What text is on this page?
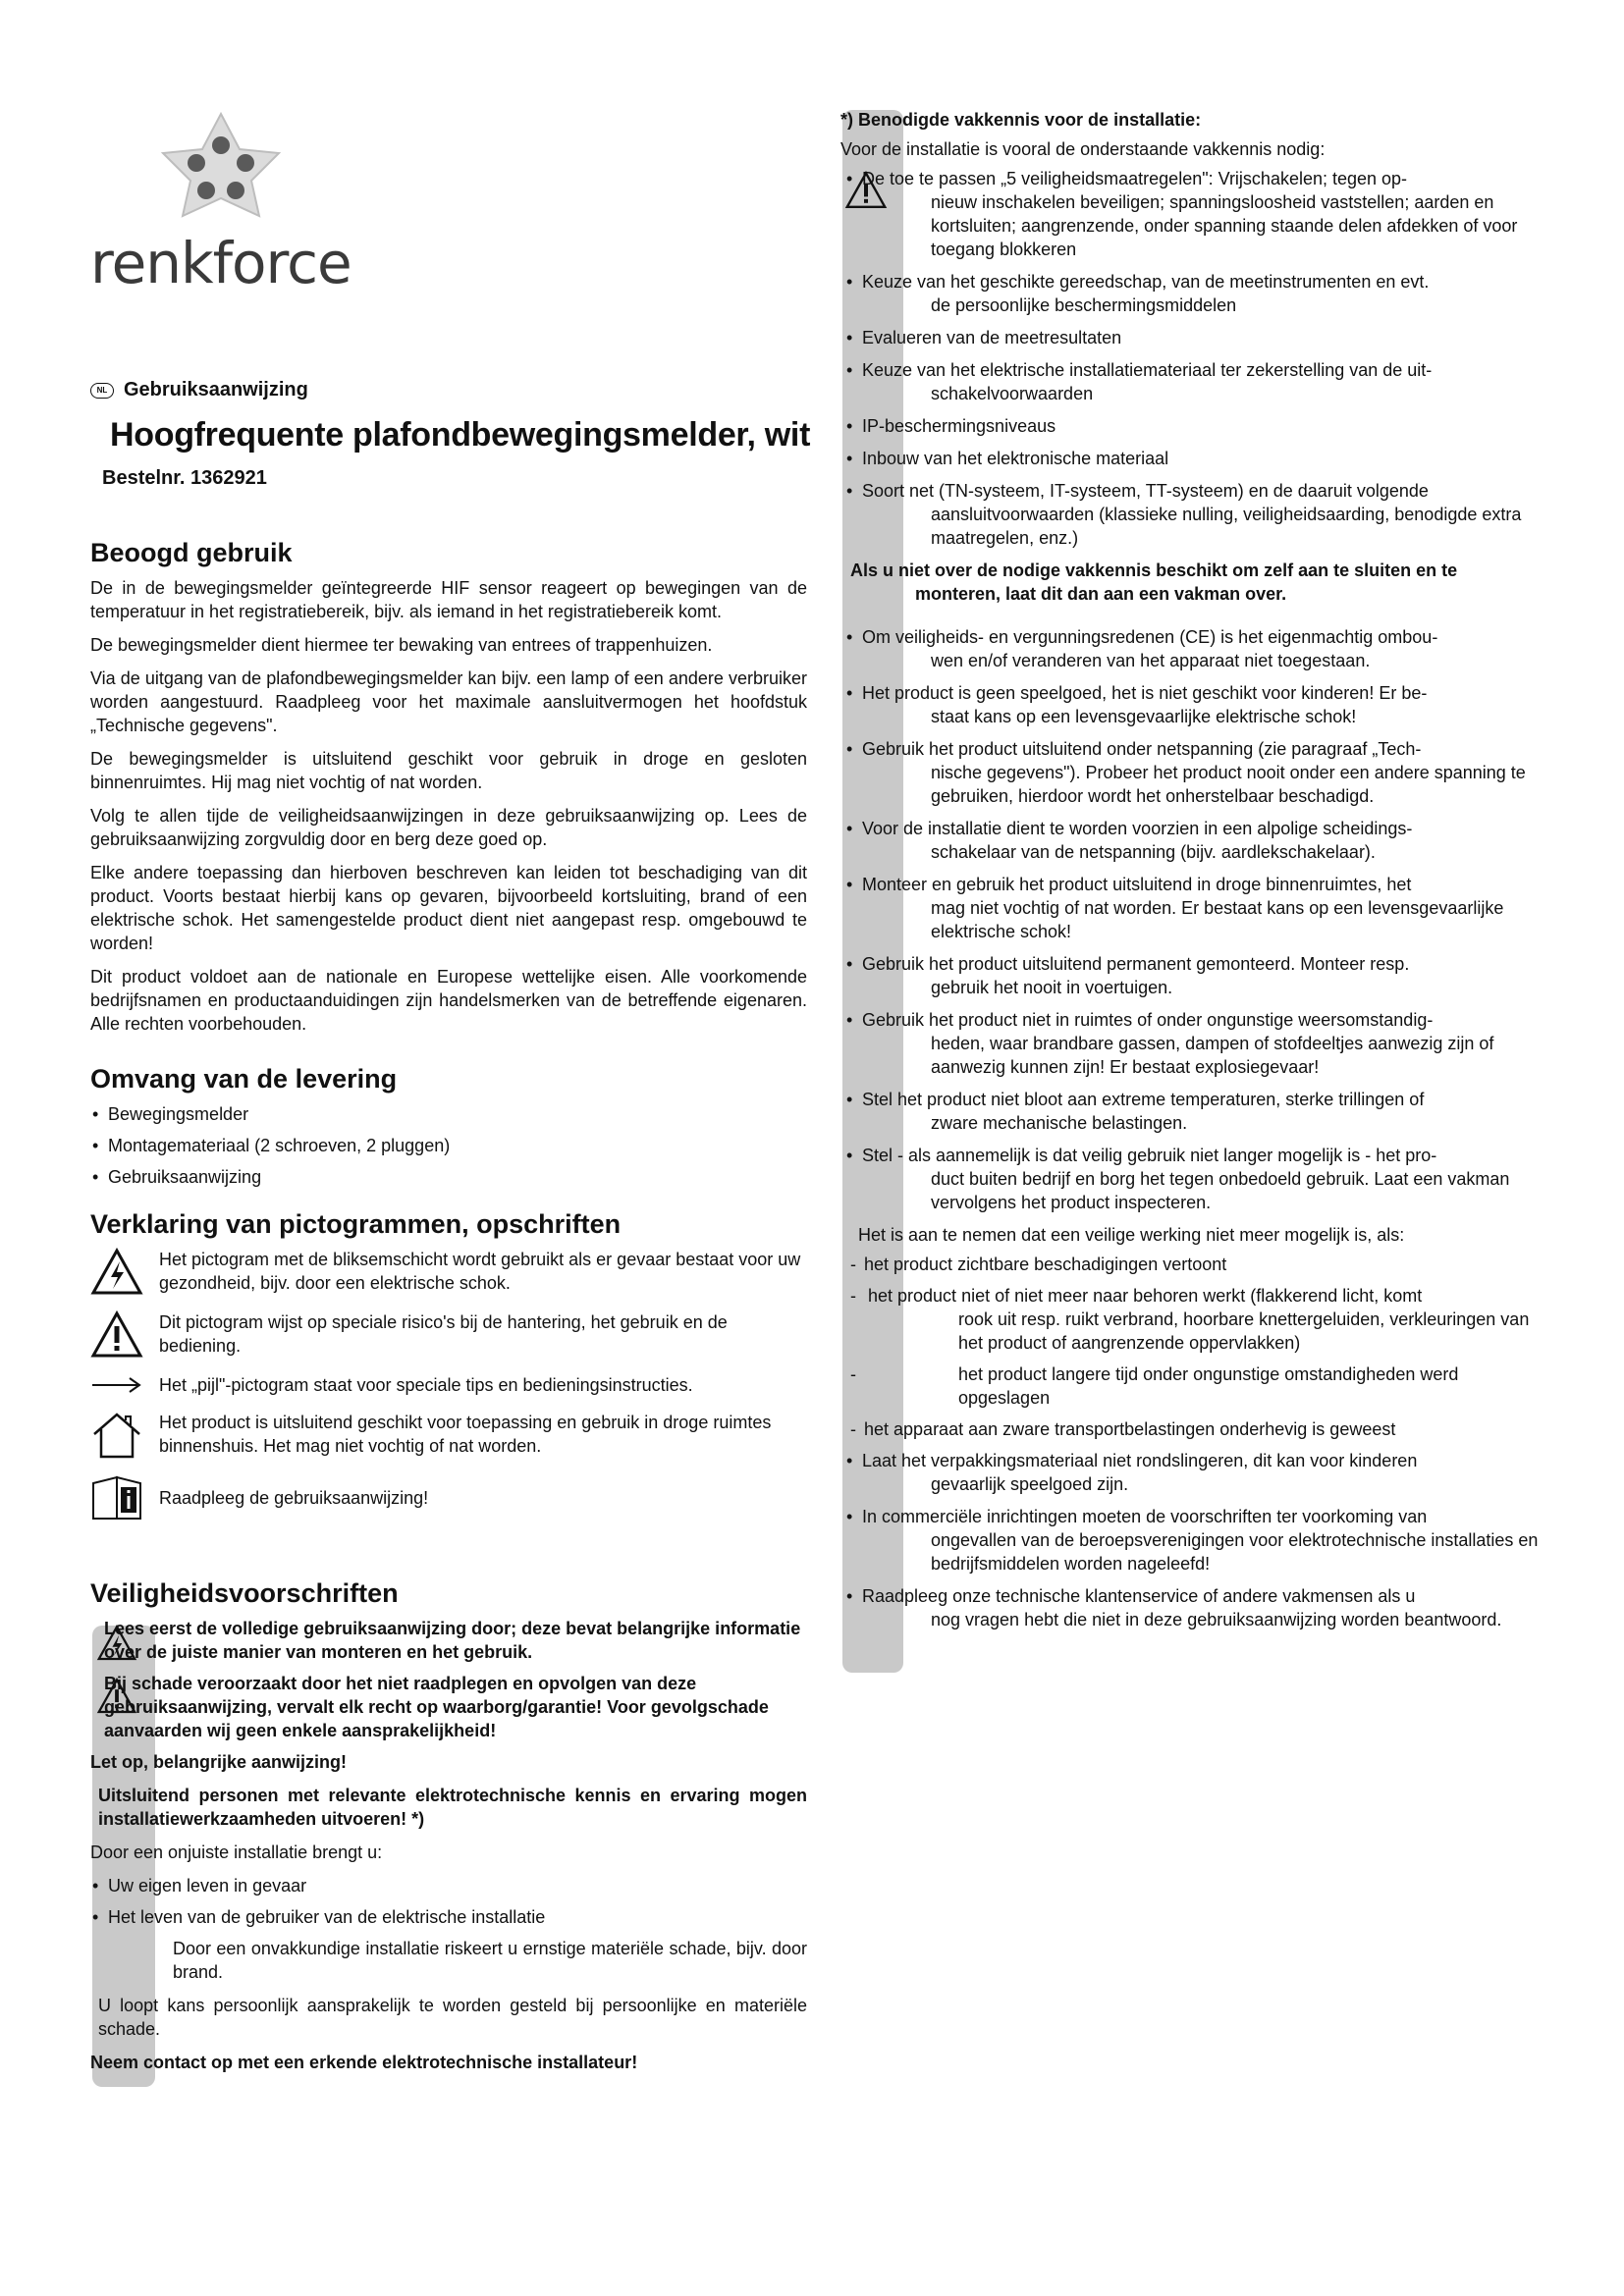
renkforce
NL Gebruiksaanwijzing
Hoogfrequente plafondbewegingsmelder, wit
Bestelnr. 1362921
Beoogd gebruik

De in de bewegingsmelder geïntegreerde HIF sensor reageert op bewegingen van de temperatuur in het registratiebereik, bijv. als iemand in het registratiebereik komt.

De bewegingsmelder dient hiermee ter bewaking van entrees of trappenhuizen.

Via de uitgang van de plafondbewegingsmelder kan bijv. een lamp of een andere verbruiker worden aangestuurd. Raadpleeg voor het maximale aansluitvermogen het hoofdstuk „Technische gegevens".

De bewegingsmelder is uitsluitend geschikt voor gebruik in droge en gesloten binnenruimtes. Hij mag niet vochtig of nat worden.

Volg te allen tijde de veiligheidsaanwijzingen in deze gebruiksaanwijzing op. Lees de gebruiksaanwijzing zorgvuldig door en berg deze goed op.

Elke andere toepassing dan hierboven beschreven kan leiden tot beschadiging van dit product. Voorts bestaat hierbij kans op gevaren, bijvoorbeeld kortsluiting, brand of een elektrische schok. Het samengestelde product dient niet aangepast resp. omgebouwd te worden!

Dit product voldoet aan de nationale en Europese wettelijke eisen. Alle voorkomende bedrijfsnamen en productaanduidingen zijn handelsmerken van de betreffende eigenaren. Alle rechten voorbehouden.

Omvang van de levering
• Bewegingsmelder
• Montagemateriaal (2 schroeven, 2 pluggen)
• Gebruiksaanwijzing
Verklaring van pictogrammen, opschriften
Het pictogram met de bliksemschicht wordt gebruikt als er gevaar bestaat voor uw gezondheid, bijv. door een elektrische schok.
Dit pictogram wijst op speciale risico's bij de hantering, het gebruik en de bediening.
Het „pijl"-pictogram staat voor speciale tips en bedieningsinstructies.
Het product is uitsluitend geschikt voor toepassing en gebruik in droge ruimtes binnenshuis. Het mag niet vochtig of nat worden.
Raadpleeg de gebruiksaanwijzing!
Veiligheidsvoorschriften
Lees eerst de volledige gebruiksaanwijzing door; deze bevat belangrijke informatie over de juiste manier van monteren en het gebruik.
Bij schade veroorzaakt door het niet raadplegen en opvolgen van deze gebruiksaanwijzing, vervalt elk recht op waarborg/garantie! Voor gevolgschade aanvaarden wij geen enkele aansprakelijkheid!

Let op, belangrijke aanwijzing!

Uitsluitend personen met relevante elektrotechnische kennis en ervaring mogen installatiewerkzaamheden uitvoeren! *)

Door een onjuiste installatie brengt u:

• Uw eigen leven in gevaar
• Het leven van de gebruiker van de elektrische installatie

Door een onvakkundige installatie riskeert u ernstige materiële schade, bijv. door brand.

U loopt kans persoonlijk aansprakelijk te worden gesteld bij persoonlijke en materiële schade.

Neem contact op met een erkende elektrotechnische installateur!

*) Benodigde vakkennis voor de installatie:
Voor de installatie is vooral de onderstaande vakkennis nodig:
• De toe te passen „5 veiligheidsmaatregelen": Vrijschakelen; tegen op-
nieuw inschakelen beveiligen; spanningsloosheid vaststellen; aarden en kortsluiten; aangrenzende, onder spanning staande delen afdekken of voor toegang blokkeren
• Keuze van het geschikte gereedschap, van de meetinstrumenten en evt.
de persoonlijke beschermingsmiddelen
• Evalueren van de meetresultaten
• Keuze van het elektrische installatiemateriaal ter zekerstelling van de uit-
schakelvoorwaarden
• IP-beschermingsniveaus
• Inbouw van het elektronische materiaal
• Soort net (TN-systeem, IT-systeem, TT-systeem) en de daaruit volgende
aansluitvoorwaarden (klassieke nulling, veiligheidsaarding, benodigde extra maatregelen, enz.)
Als u niet over de nodige vakkennis beschikt om zelf aan te sluiten en te
monteren, laat dit dan aan een vakman over.
• Om veiligheids- en vergunningsredenen (CE) is het eigenmachtig ombou-
wen en/of veranderen van het apparaat niet toegestaan.
• Het product is geen speelgoed, het is niet geschikt voor kinderen! Er be-
staat kans op een levensgevaarlijke elektrische schok!
• Gebruik het product uitsluitend onder netspanning (zie paragraaf „Tech-
nische gegevens"). Probeer het product nooit onder een andere spanning te gebruiken, hierdoor wordt het onherstelbaar beschadigd.
• Voor de installatie dient te worden voorzien in een alpolige scheidings-
schakelaar van de netspanning (bijv. aardlekschakelaar).
• Monteer en gebruik het product uitsluitend in droge binnenruimtes, het
mag niet vochtig of nat worden. Er bestaat kans op een levensgevaarlijke elektrische schok!
• Gebruik het product uitsluitend permanent gemonteerd. Monteer resp.
gebruik het nooit in voertuigen.
• Gebruik het product niet in ruimtes of onder ongunstige weersomstandig-
heden, waar brandbare gassen, dampen of stofdeeltjes aanwezig zijn of aanwezig kunnen zijn! Er bestaat explosiegevaar!
• Stel het product niet bloot aan extreme temperaturen, sterke trillingen of
zware mechanische belastingen.
• Stel - als aannemelijk is dat veilig gebruik niet langer mogelijk is - het pro-
duct buiten bedrijf en borg het tegen onbedoeld gebruik. Laat een vakman vervolgens het product inspecteren.
Het is aan te nemen dat een veilige werking niet meer mogelijk is, als:
- het product zichtbare beschadigingen vertoont
- het product niet of niet meer naar behoren werkt (flakkerend licht, komt
rook uit resp. ruikt verbrand, hoorbare knettergeluiden, verkleuringen van het product of aangrenzende oppervlakken)
- het product langere tijd onder ongunstige omstandigheden werd opgeslagen
- het apparaat aan zware transportbelastingen onderhevig is geweest
• Laat het verpakkingsmateriaal niet rondslingeren, dit kan voor kinderen
gevaarlijk speelgoed zijn.
• In commerciële inrichtingen moeten de voorschriften ter voorkoming van
ongevallen van de beroepsverenigingen voor elektrotechnische installaties en bedrijfsmiddelen worden nageleefd!
• Raadpleeg onze technische klantenservice of andere vakmensen als u
nog vragen hebt die niet in deze gebruiksaanwijzing worden beantwoord.
